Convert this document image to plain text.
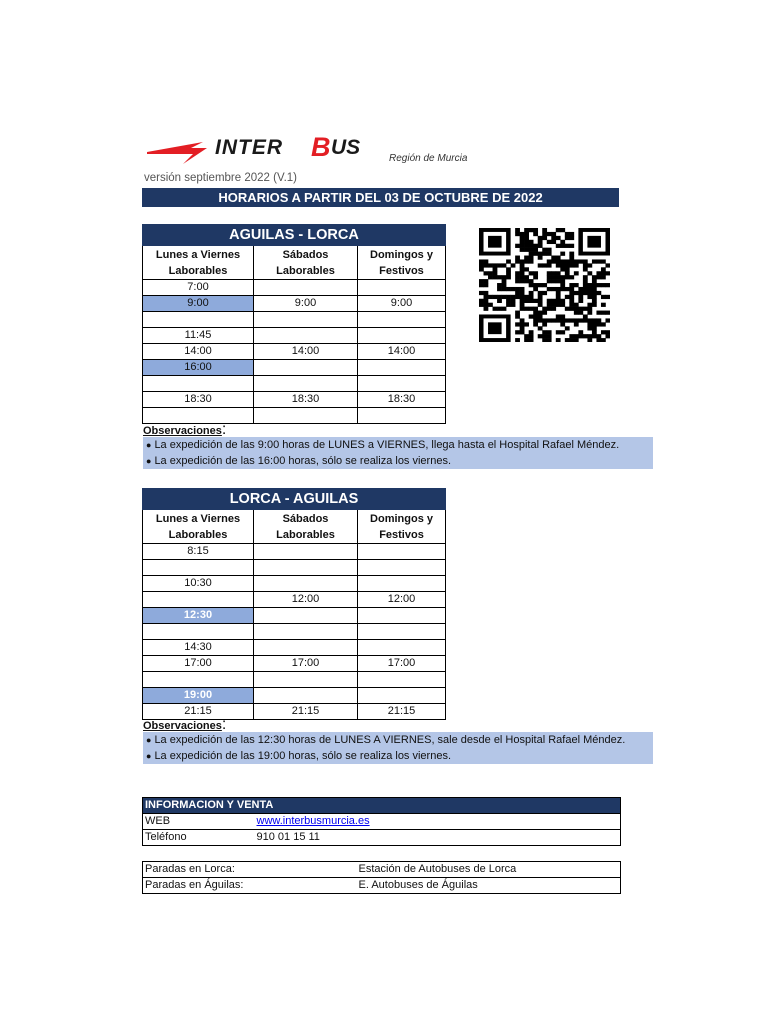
INTER B US	Región de Murcia
versión septiembre 2022 (V.1)
HORARIOS A PARTIR DEL 03 DE OCTUBRE DE 2022
AGUILAS - LORCA		
Lunes a Viernes Laborables	Sábados Laborables	Domingos y Festivos
7:00		
9:00	9:00	9:00

11:45		
14:00	14:00	14:00
16:00		

18:30	18:30	18:30

Observaciones:
● La expedición de las 9:00 horas de LUNES a VIERNES, llega hasta el Hospital Rafael Méndez.
● La expedición de las 16:00 horas, sólo se realiza los viernes.
LORCA - AGUILAS		
Lunes a Viernes Laborables	Sábados Laborables	Domingos y Festivos
8:15		

10:30		
	12:00	12:00
12:30		

14:30		
17:00	17:00	17:00

19:00		
21:15	21:15	21:15
Observaciones:
● La expedición de las 12:30 horas de LUNES A VIERNES, sale desde el Hospital Rafael Méndez.
● La expedición de las 19:00 horas, sólo se realiza los viernes.
INFORMACION Y VENTA	
WEB	www.interbusmurcia.es
Teléfono	910 01 15 11
Paradas en Lorca:	Estación de Autobuses de Lorca
Paradas en Águilas:	E. Autobuses de Águilas
